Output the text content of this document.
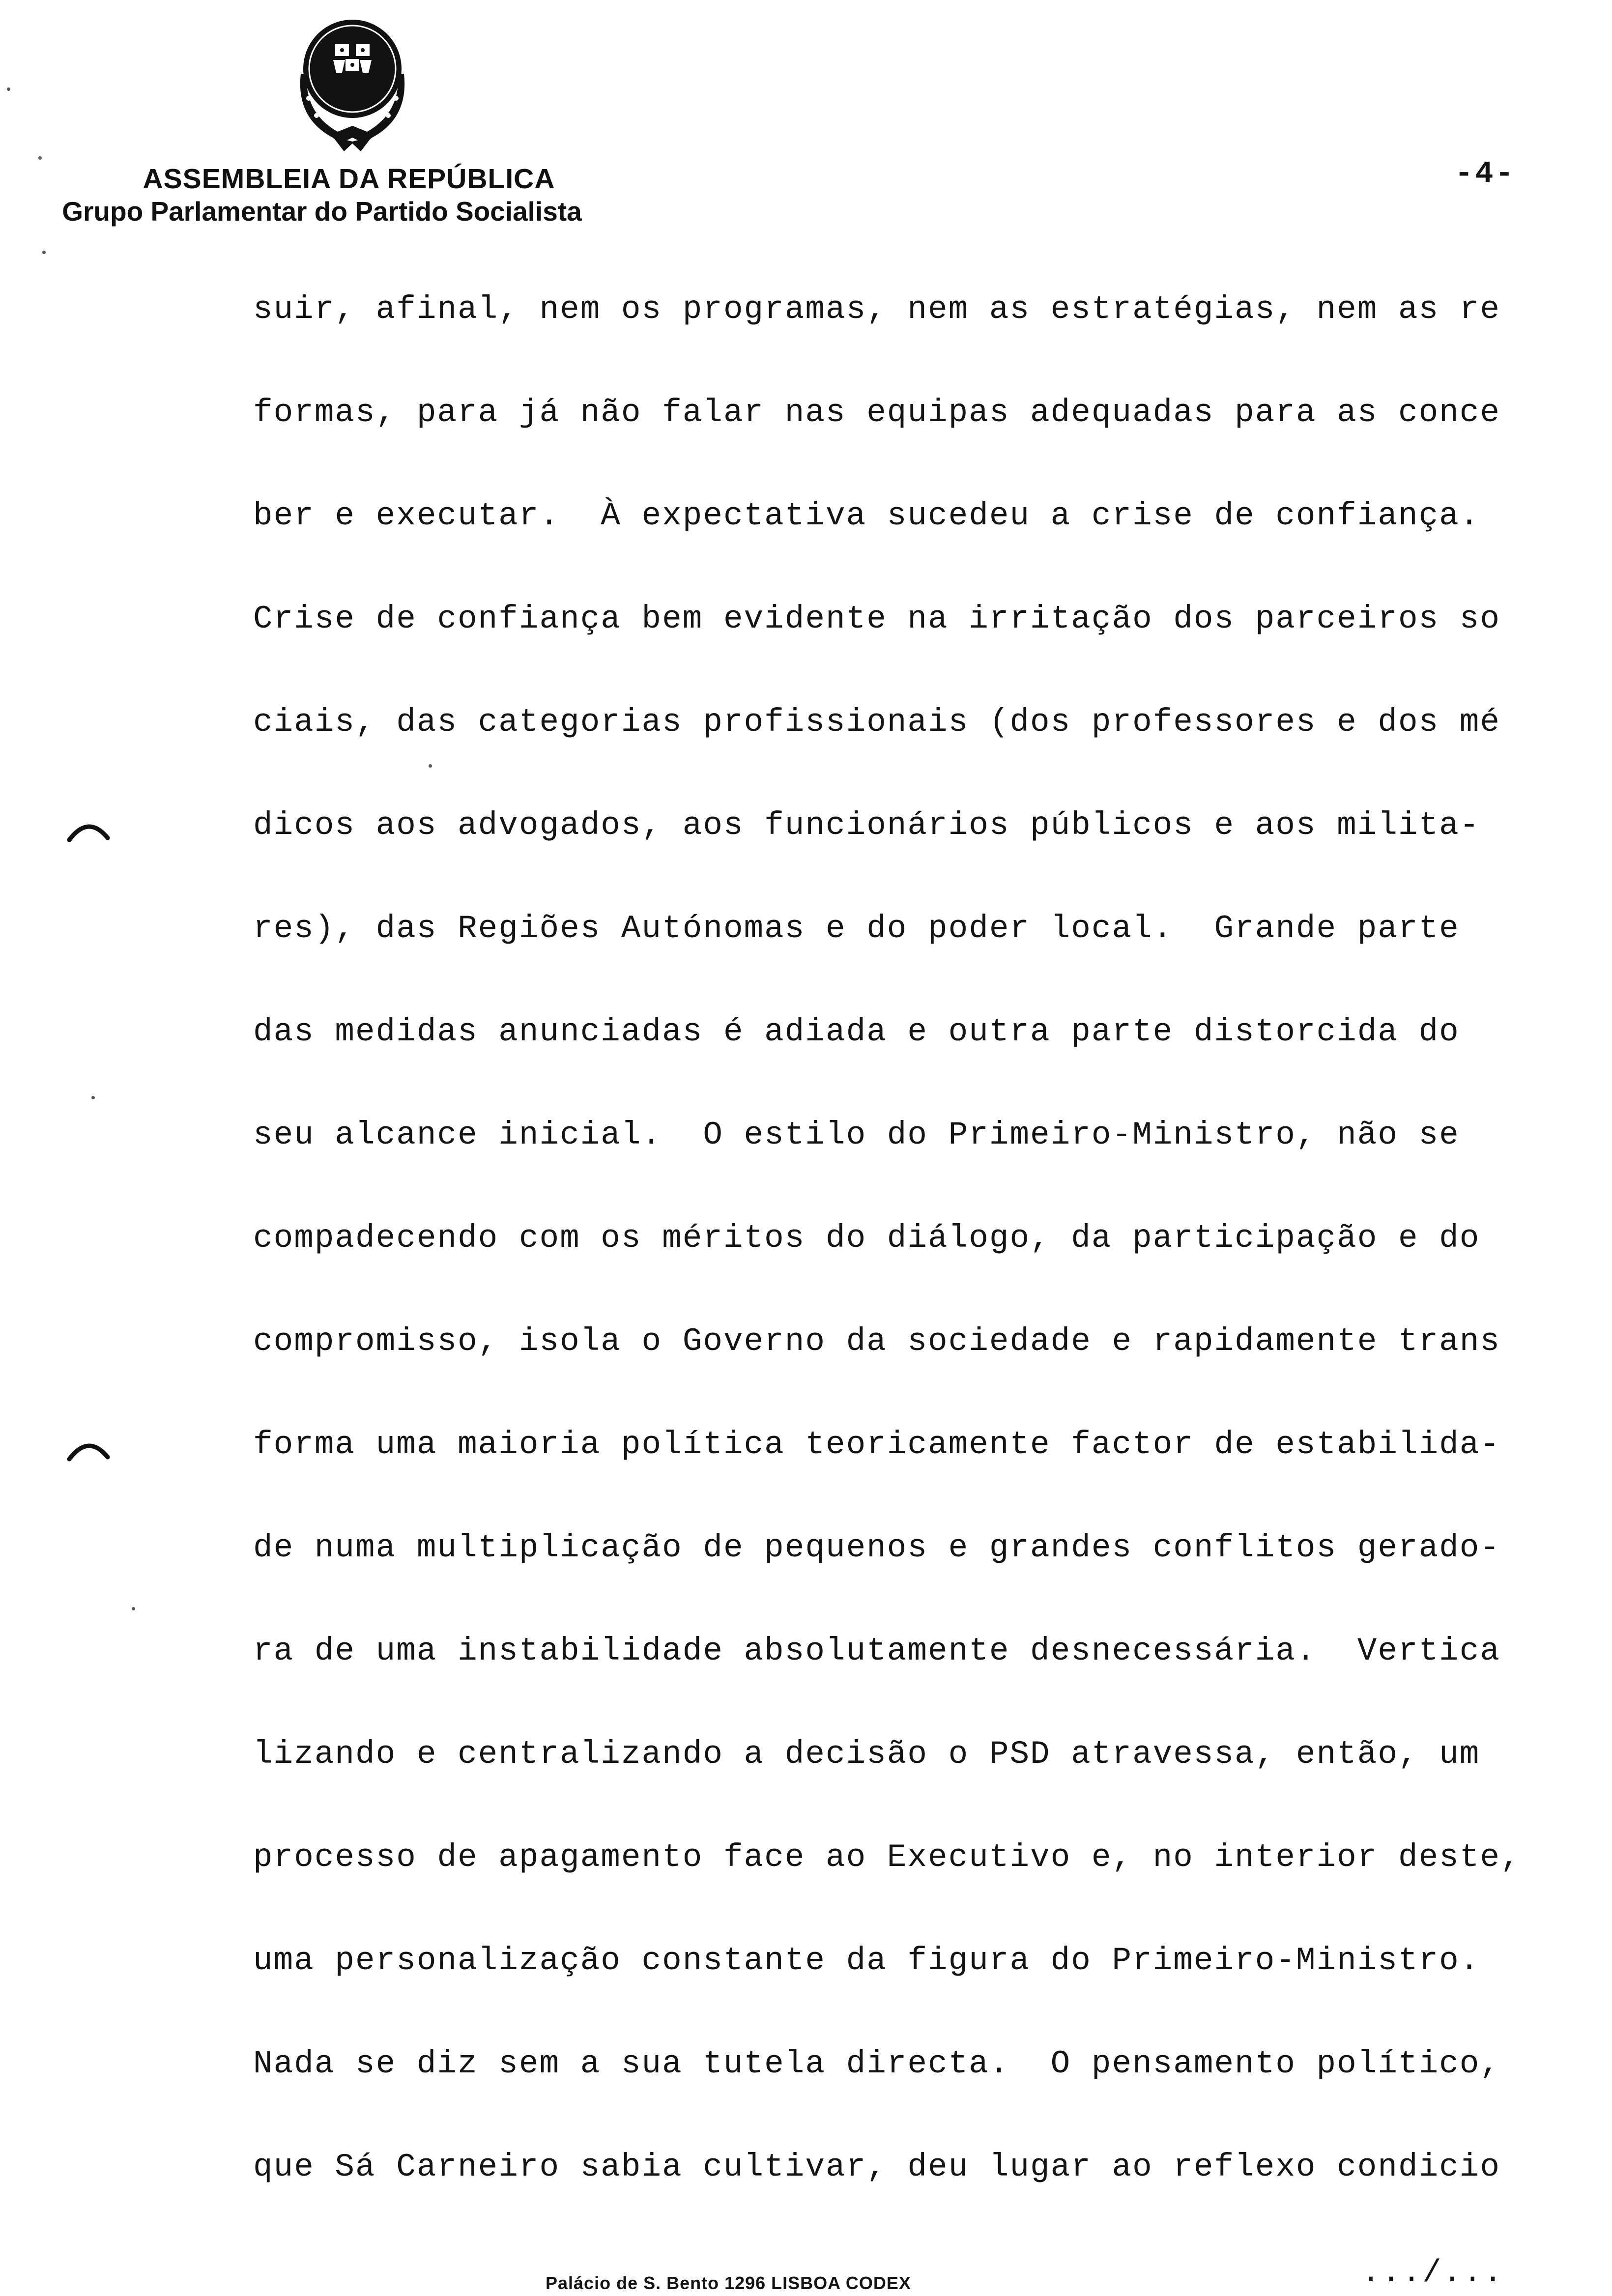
ASSEMBLEIA DA REPÚBLICA
Grupo Parlamentar do Partido Socialista
-4-
suir, afinal, nem os programas, nem as estratégias, nem as re
formas, para já não falar nas equipas adequadas para as conce
ber e executar.  À expectativa sucedeu a crise de confiança.
Crise de confiança bem evidente na irritação dos parceiros so
ciais, das categorias profissionais (dos professores e dos mé
dicos aos advogados, aos funcionários públicos e aos milita-
res), das Regiões Autónomas e do poder local.  Grande parte
das medidas anunciadas é adiada e outra parte distorcida do
seu alcance inicial.  O estilo do Primeiro-Ministro, não se
compadecendo com os méritos do diálogo, da participação e do
compromisso, isola o Governo da sociedade e rapidamente trans
forma uma maioria política teoricamente factor de estabilida-
de numa multiplicação de pequenos e grandes conflitos gerado-
ra de uma instabilidade absolutamente desnecessária.  Vertica
lizando e centralizando a decisão o PSD atravessa, então, um
processo de apagamento face ao Executivo e, no interior deste,
uma personalização constante da figura do Primeiro-Ministro.
Nada se diz sem a sua tutela directa.  O pensamento político,
que Sá Carneiro sabia cultivar, deu lugar ao reflexo condicio
Palácio de S. Bento 1296 LISBOA CODEX	.../...
